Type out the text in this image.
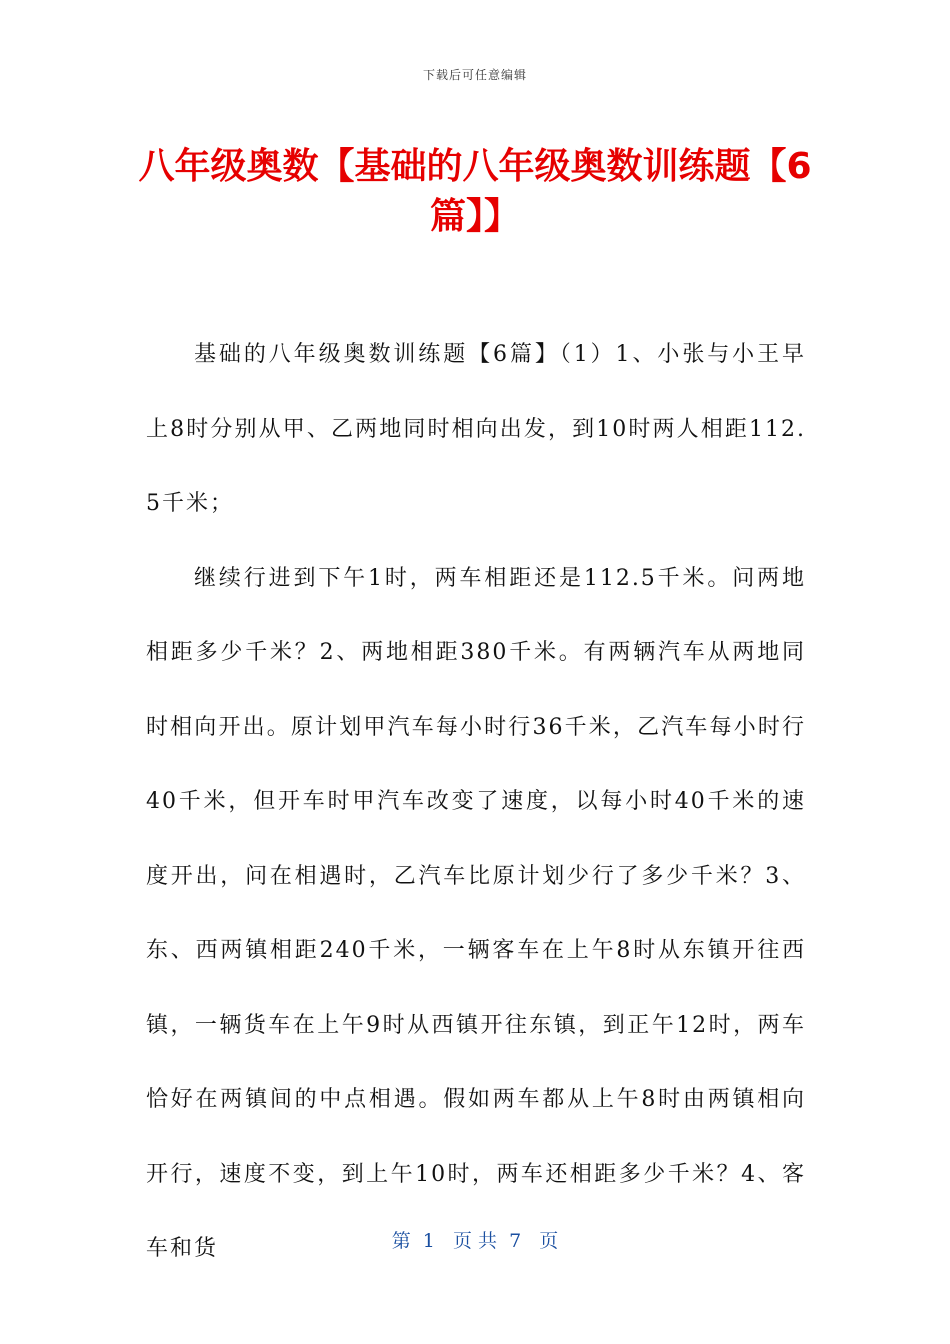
下载后可任意编辑
八年级奥数【基础的八年级奥数训练题【6篇】】

基础的八年级奥数训练题【6篇】（1）1、小张与小王早上8时分别从甲、乙两地同时相向出发，到10时两人相距112.5千米；

继续行进到下午1时，两车相距还是112.5千米。问两地相距多少千米？2、两地相距380千米。有两辆汽车从两地同时相向开出。原计划甲汽车每小时行36千米，乙汽车每小时行40千米，但开车时甲汽车改变了速度，以每小时40千米的速度开出，问在相遇时，乙汽车比原计划少行了多少千米？3、东、西两镇相距240千米，一辆客车在上午8时从东镇开往西镇，一辆货车在上午9时从西镇开往东镇，到正午12时，两车恰好在两镇间的中点相遇。假如两车都从上午8时由两镇相向开行，速度不变，到上午10时，两车还相距多少千米？4、客车和货	第  1   页 共  7   页
